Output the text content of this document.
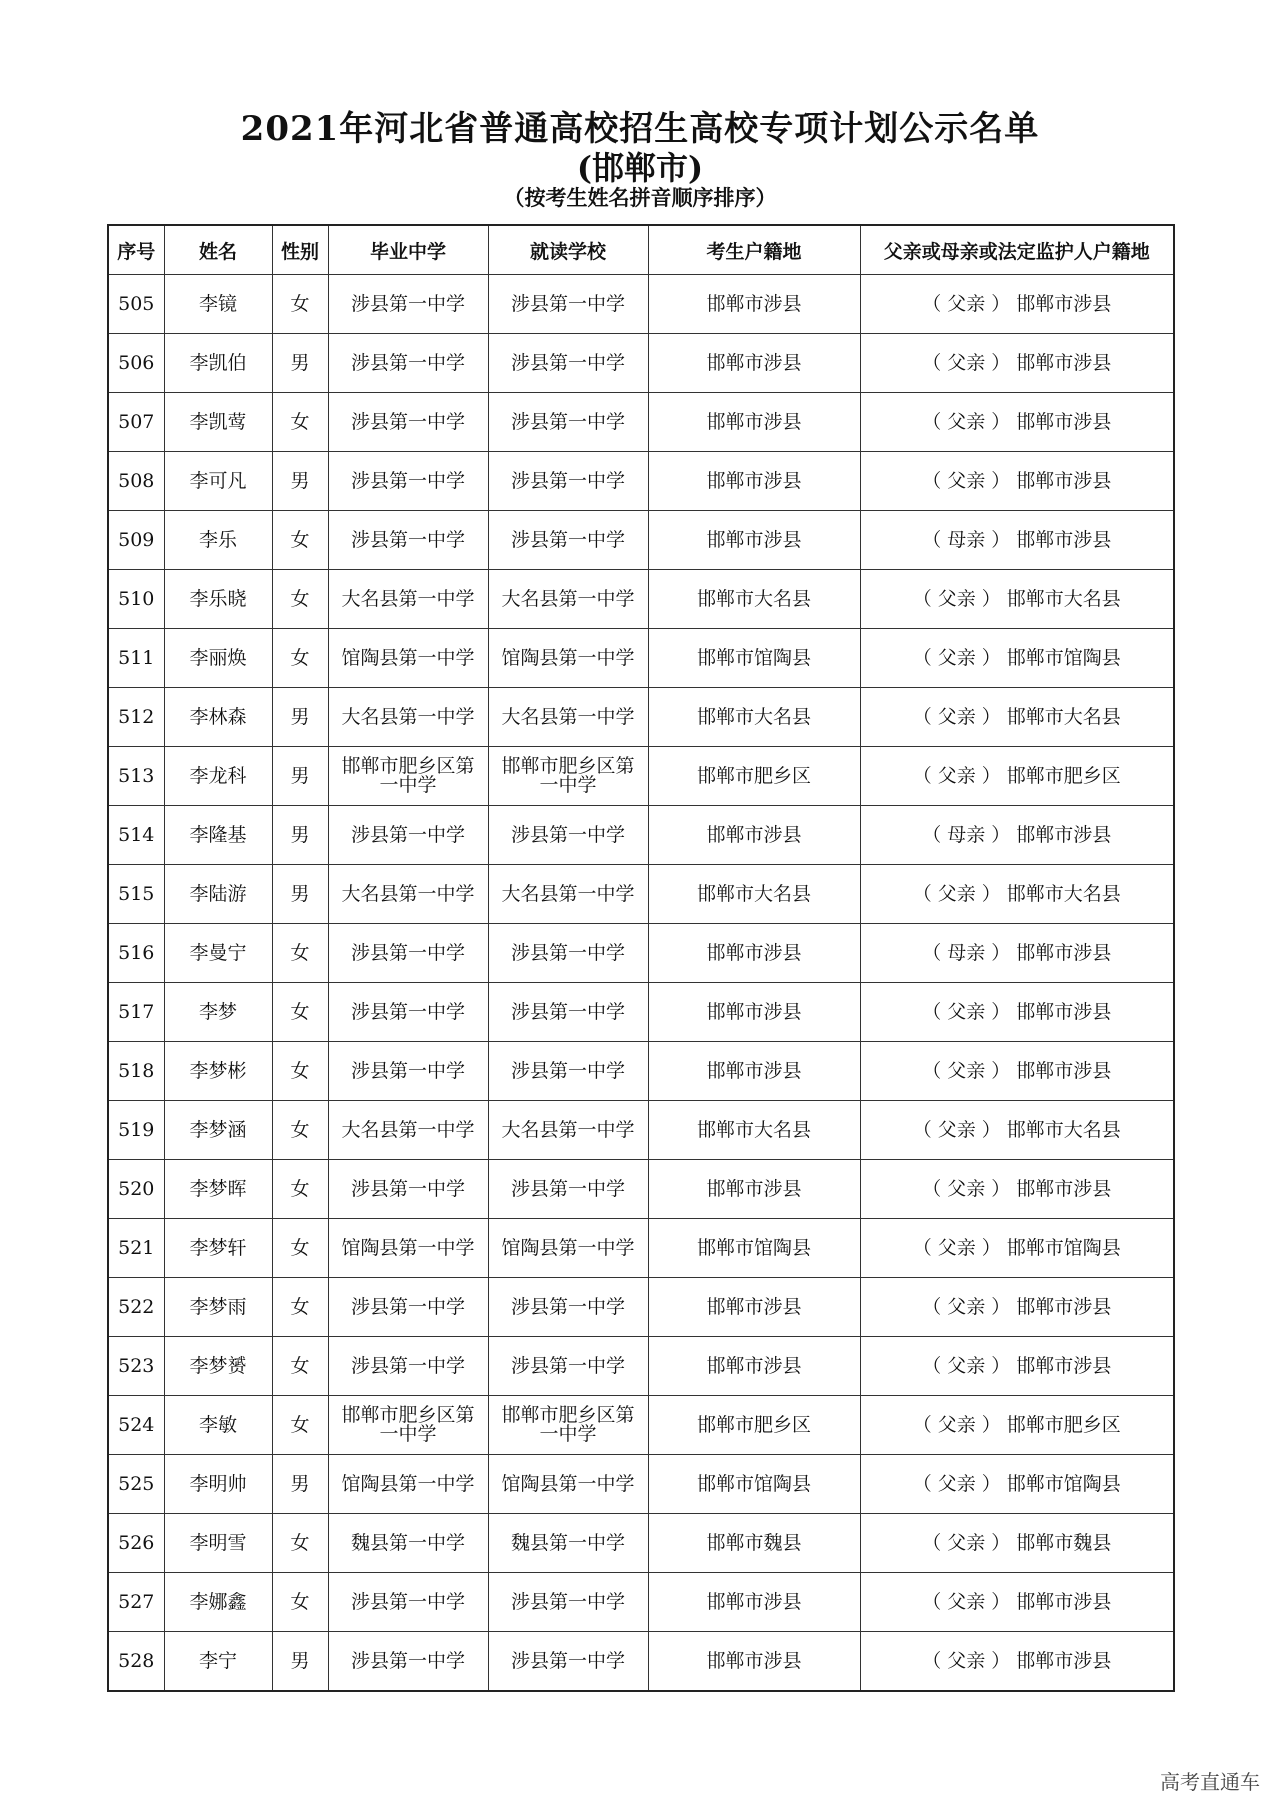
2021年河北省普通高校招生高校专项计划公示名单
(邯郸市)
（按考生姓名拼音顺序排序）
序号	姓名	性别	毕业中学	就读学校	考生户籍地	父亲或母亲或法定监护人户籍地
505	李镜	女	涉县第一中学	涉县第一中学	邯郸市涉县	（ 父亲 ） 邯郸市涉县
506	李凯伯	男	涉县第一中学	涉县第一中学	邯郸市涉县	（ 父亲 ） 邯郸市涉县
507	李凯莺	女	涉县第一中学	涉县第一中学	邯郸市涉县	（ 父亲 ） 邯郸市涉县
508	李可凡	男	涉县第一中学	涉县第一中学	邯郸市涉县	（ 父亲 ） 邯郸市涉县
509	李乐	女	涉县第一中学	涉县第一中学	邯郸市涉县	（ 母亲 ） 邯郸市涉县
510	李乐晓	女	大名县第一中学	大名县第一中学	邯郸市大名县	（ 父亲 ） 邯郸市大名县
511	李丽焕	女	馆陶县第一中学	馆陶县第一中学	邯郸市馆陶县	（ 父亲 ） 邯郸市馆陶县
512	李林森	男	大名县第一中学	大名县第一中学	邯郸市大名县	（ 父亲 ） 邯郸市大名县
513	李龙科	男	邯郸市肥乡区第一中学	邯郸市肥乡区第一中学	邯郸市肥乡区	（ 父亲 ） 邯郸市肥乡区
514	李隆基	男	涉县第一中学	涉县第一中学	邯郸市涉县	（ 母亲 ） 邯郸市涉县
515	李陆游	男	大名县第一中学	大名县第一中学	邯郸市大名县	（ 父亲 ） 邯郸市大名县
516	李曼宁	女	涉县第一中学	涉县第一中学	邯郸市涉县	（ 母亲 ） 邯郸市涉县
517	李梦	女	涉县第一中学	涉县第一中学	邯郸市涉县	（ 父亲 ） 邯郸市涉县
518	李梦彬	女	涉县第一中学	涉县第一中学	邯郸市涉县	（ 父亲 ） 邯郸市涉县
519	李梦涵	女	大名县第一中学	大名县第一中学	邯郸市大名县	（ 父亲 ） 邯郸市大名县
520	李梦晖	女	涉县第一中学	涉县第一中学	邯郸市涉县	（ 父亲 ） 邯郸市涉县
521	李梦轩	女	馆陶县第一中学	馆陶县第一中学	邯郸市馆陶县	（ 父亲 ） 邯郸市馆陶县
522	李梦雨	女	涉县第一中学	涉县第一中学	邯郸市涉县	（ 父亲 ） 邯郸市涉县
523	李梦赟	女	涉县第一中学	涉县第一中学	邯郸市涉县	（ 父亲 ） 邯郸市涉县
524	李敏	女	邯郸市肥乡区第一中学	邯郸市肥乡区第一中学	邯郸市肥乡区	（ 父亲 ） 邯郸市肥乡区
525	李明帅	男	馆陶县第一中学	馆陶县第一中学	邯郸市馆陶县	（ 父亲 ） 邯郸市馆陶县
526	李明雪	女	魏县第一中学	魏县第一中学	邯郸市魏县	（ 父亲 ） 邯郸市魏县
527	李娜鑫	女	涉县第一中学	涉县第一中学	邯郸市涉县	（ 父亲 ） 邯郸市涉县
528	李宁	男	涉县第一中学	涉县第一中学	邯郸市涉县	（ 父亲 ） 邯郸市涉县
高考直通车
